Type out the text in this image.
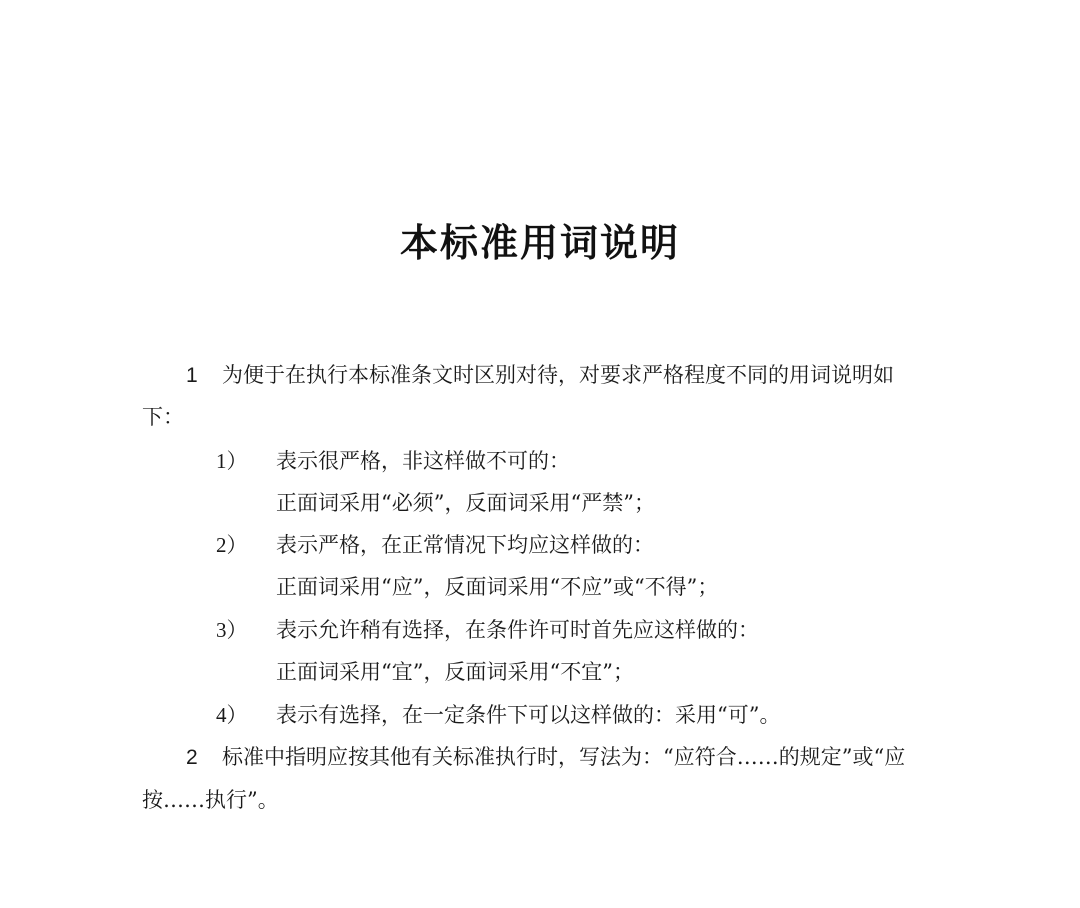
本标准用词说明
1 为便于在执行本标准条文时区别对待，对要求严格程度不同的用词说明如
下：
1） 表示很严格，非这样做不可的：
正面词采用“必须”，反面词采用“严禁”；
2） 表示严格，在正常情况下均应这样做的：
正面词采用“应”，反面词采用“不应”或“不得”；
3） 表示允许稍有选择，在条件许可时首先应这样做的：
正面词采用“宜”，反面词采用“不宜”；
4） 表示有选择，在一定条件下可以这样做的：采用“可”。
2 标准中指明应按其他有关标准执行时，写法为：“应符合……的规定”或“应
按……执行”。
